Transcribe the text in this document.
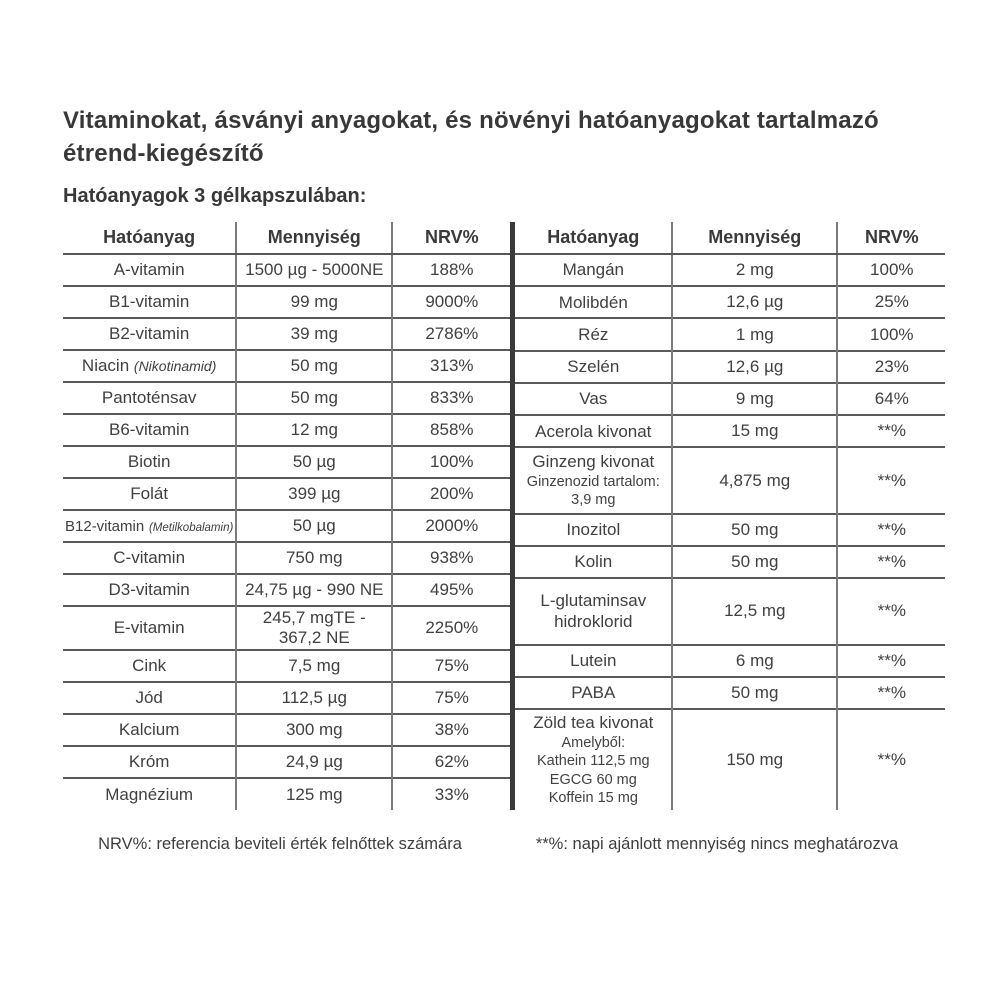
Vitaminokat, ásványi anyagokat, és növényi hatóanyagokat tartalmazó étrend-kiegészítő
Hatóanyagok 3 gélkapszulában:
Hatóanyag	Mennyiség	NRV%

A-vitamin	1500 µg - 5000NE	188%

B1-vitamin	99 mg	9000%

B2-vitamin	39 mg	2786%

Niacin (Nikotinamid)	50 mg	313%

Pantoténsav	50 mg	833%

B6-vitamin	12 mg	858%

Biotin	50 µg	100%

Folát	399 µg	200%

B12-vitamin (Metilkobalamin)	50 µg	2000%

C-vitamin	750 mg	938%

D3-vitamin	24,75 µg - 990 NE	495%

E-vitamin	245,7 mgTE - 367,2 NE	2250%

Cink	7,5 mg	75%

Jód	112,5 µg	75%

Kalcium	300 mg	38%

Króm	24,9 µg	62%

Magnézium	125 mg	33%
Hatóanyag	Mennyiség	NRV%

Mangán	2 mg	100%

Molibdén	12,6 µg	25%

Réz	1 mg	100%

Szelén	12,6 µg	23%

Vas	9 mg	64%

Acerola kivonat	15 mg	**%

Ginzeng kivonat
Ginzenozid tartalom:
3,9 mg	4,875 mg	**%

Inozitol	50 mg	**%

Kolin	50 mg	**%

L-glutaminsav hidroklorid	12,5 mg	**%

Lutein	6 mg	**%

PABA	50 mg	**%

Zöld tea kivonat
Amelyből:
Kathein 112,5 mg
EGCG 60 mg
Koffein 15 mg	150 mg	**%
NRV%: referencia beviteli érték felnőttek számára	**%: napi ajánlott mennyiség nincs meghatározva
